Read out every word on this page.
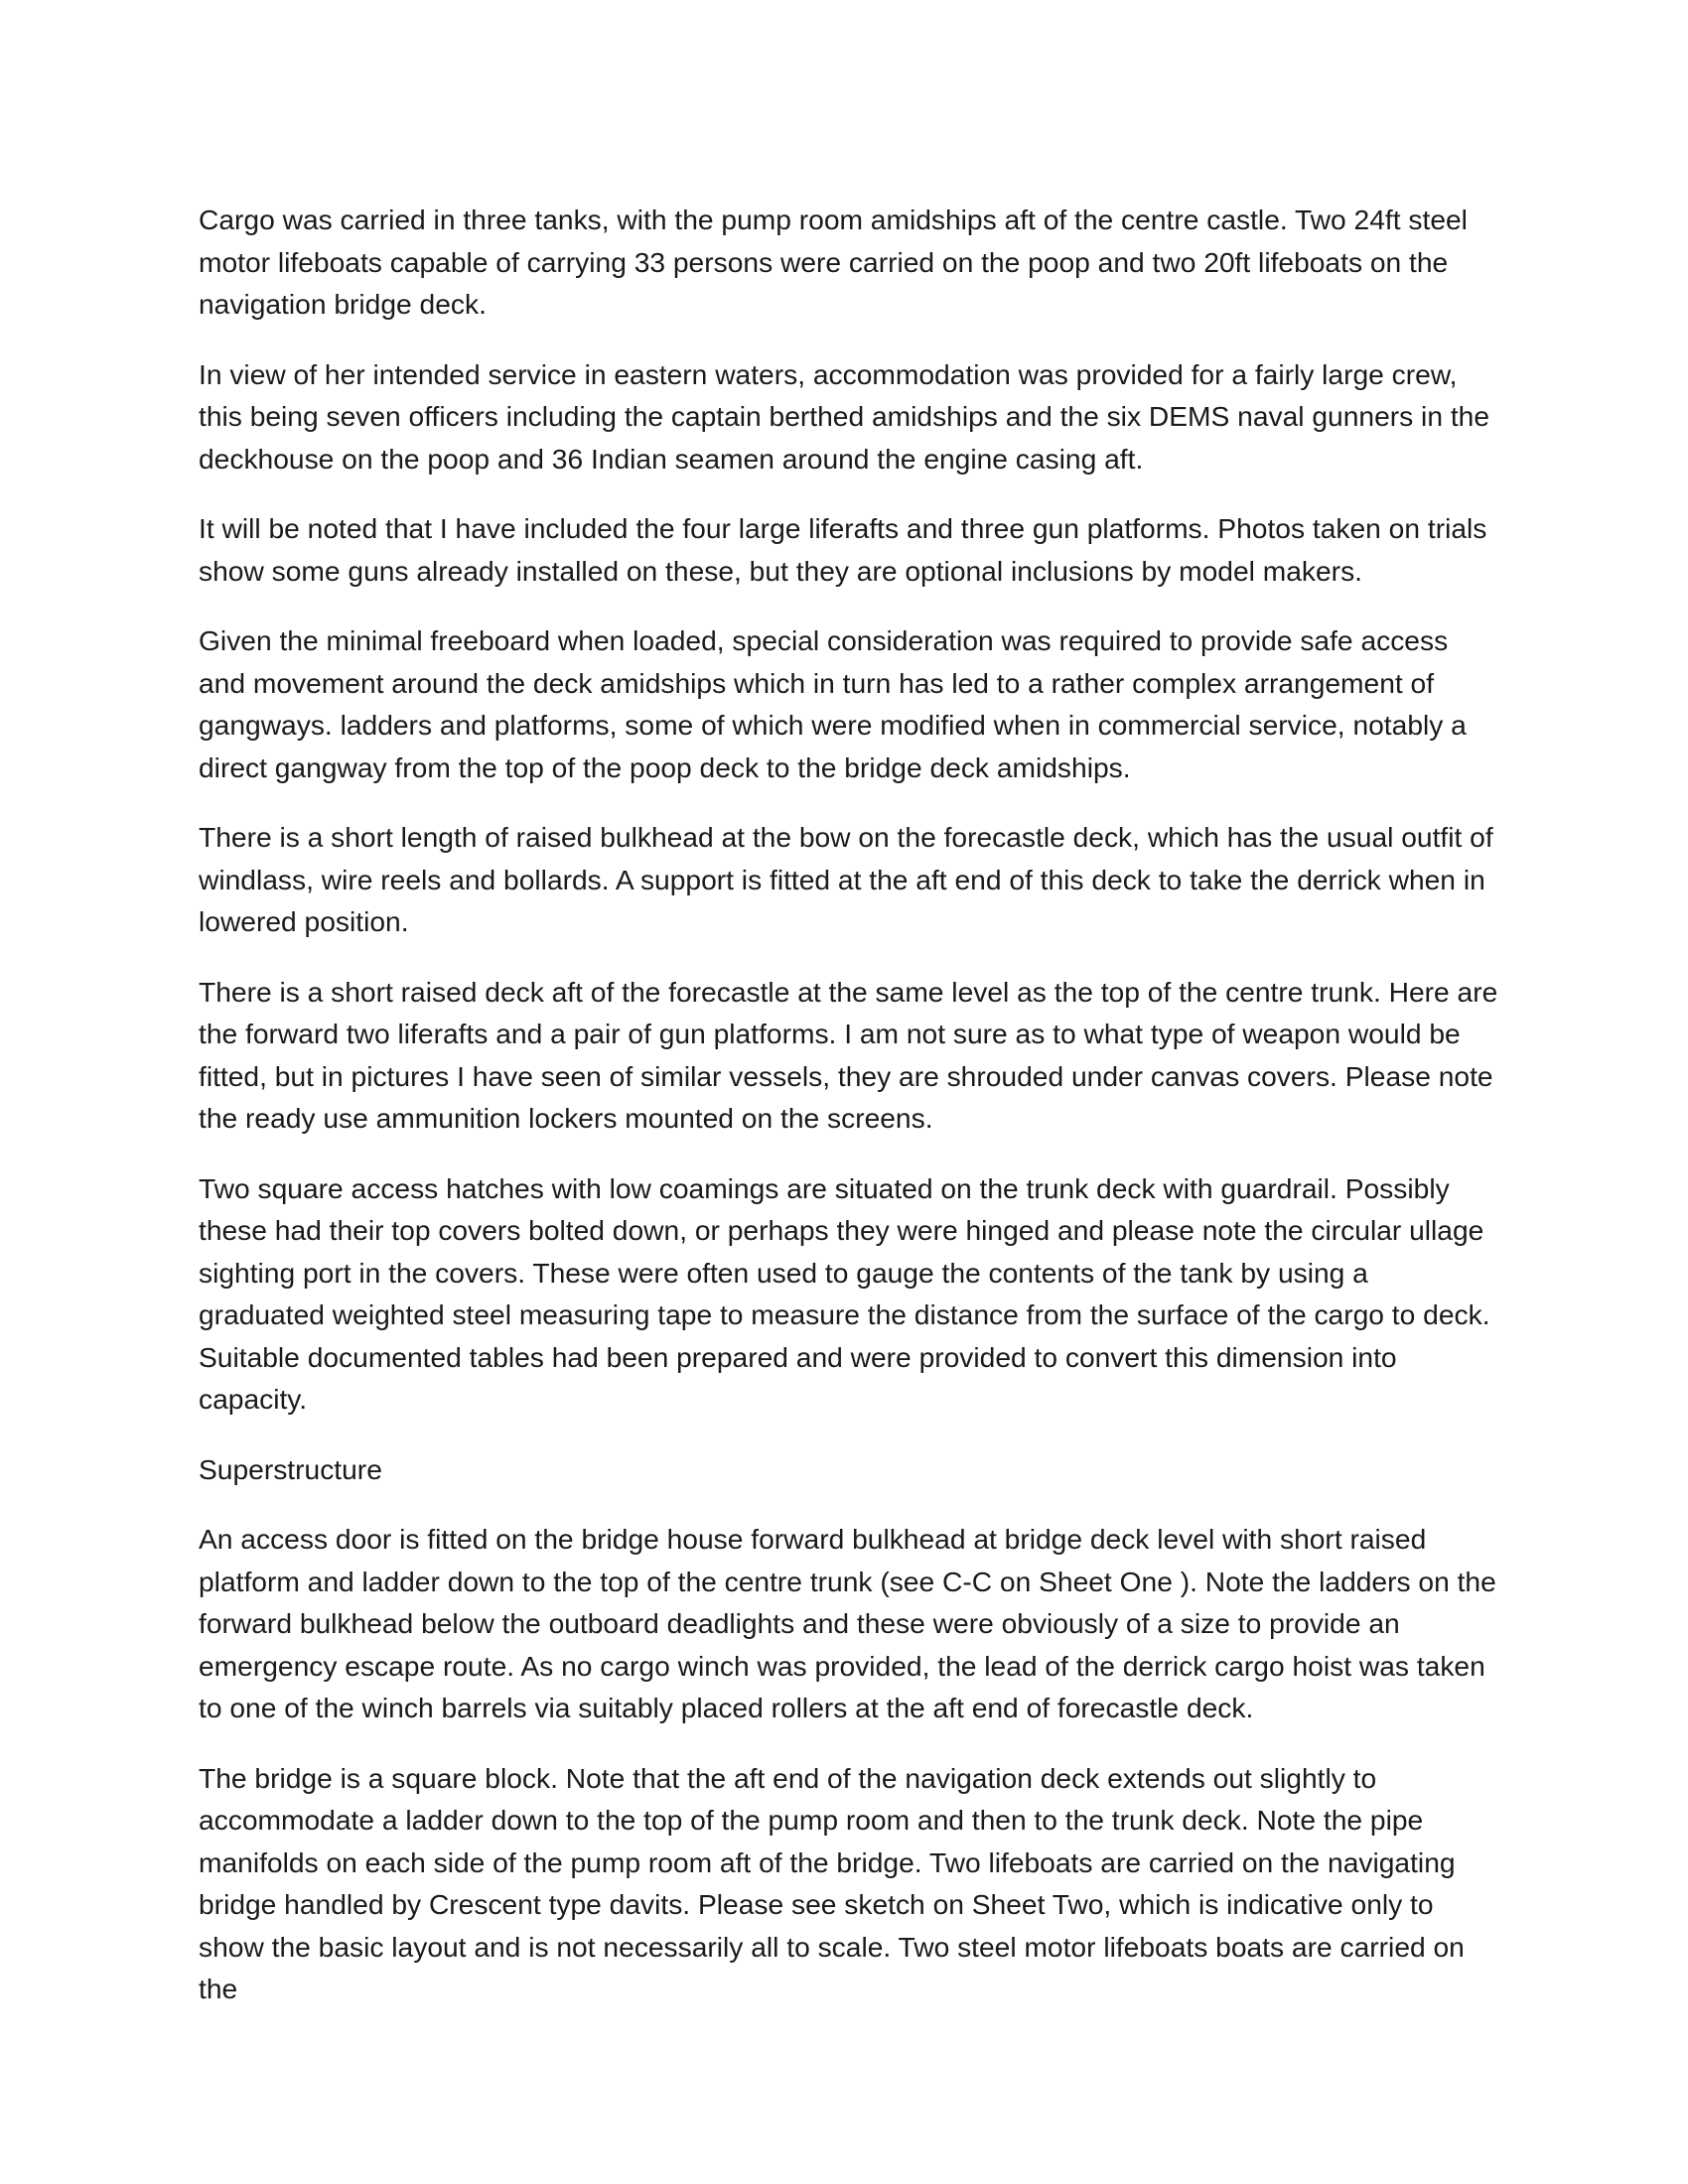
Cargo was carried in three tanks, with the pump room amidships aft of the centre castle. Two 24ft steel motor lifeboats capable of carrying 33 persons were carried on the poop and two 20ft lifeboats on the navigation bridge deck.

In view of her intended service in eastern waters, accommodation was provided for a fairly large crew, this being seven officers including the captain berthed amidships and the six DEMS naval gunners in the deckhouse on the poop and 36 Indian seamen around the engine casing aft.

It will be noted that I have included the four large liferafts and three gun platforms. Photos taken on trials show some guns already installed on these, but they are optional inclusions by model makers.

Given the minimal freeboard when loaded, special consideration was required to provide safe access and movement around the deck amidships which in turn has led to a rather complex arrangement of gangways. ladders and platforms, some of which were modified when in commercial service, notably a direct gangway from the top of the poop deck to the bridge deck amidships.

There is a short length of raised bulkhead at the bow on the forecastle deck, which has the usual outfit of windlass, wire reels and bollards. A support is fitted at the aft end of this deck to take the derrick when in lowered position.

There is a short raised deck aft of the forecastle at the same level as the top of the centre trunk. Here are the forward two liferafts and a pair of gun platforms. I am not sure as to what type of weapon would be fitted, but in pictures I have seen of similar vessels, they are shrouded under canvas covers. Please note the ready use ammunition lockers mounted on the screens.

Two square access hatches with low coamings are situated on the trunk deck with guardrail. Possibly these had their top covers bolted down, or perhaps they were hinged and please note the circular ullage sighting port in the covers. These were often used to gauge the contents of the tank by using a graduated weighted steel measuring tape to measure the distance from the surface of the cargo to deck. Suitable documented tables had been prepared and were provided to convert this dimension into capacity.

Superstructure

An access door is fitted on the bridge house forward bulkhead at bridge deck level with short raised platform and ladder down to the top of the centre trunk (see C-C on Sheet One ). Note the ladders on the forward bulkhead below the outboard deadlights and these were obviously of a size to provide an emergency escape route. As no cargo winch was provided, the lead of the derrick cargo hoist was taken to one of the winch barrels via suitably placed rollers at the aft end of forecastle deck.

The bridge is a square block. Note that the aft end of the navigation deck extends out slightly to accommodate a ladder down to the top of the pump room and then to the trunk deck. Note the pipe manifolds on each side of the pump room aft of the bridge. Two lifeboats are carried on the navigating bridge handled by Crescent type davits. Please see sketch on Sheet Two, which is indicative only to show the basic layout and is not necessarily all to scale. Two steel motor lifeboats boats are carried on the
